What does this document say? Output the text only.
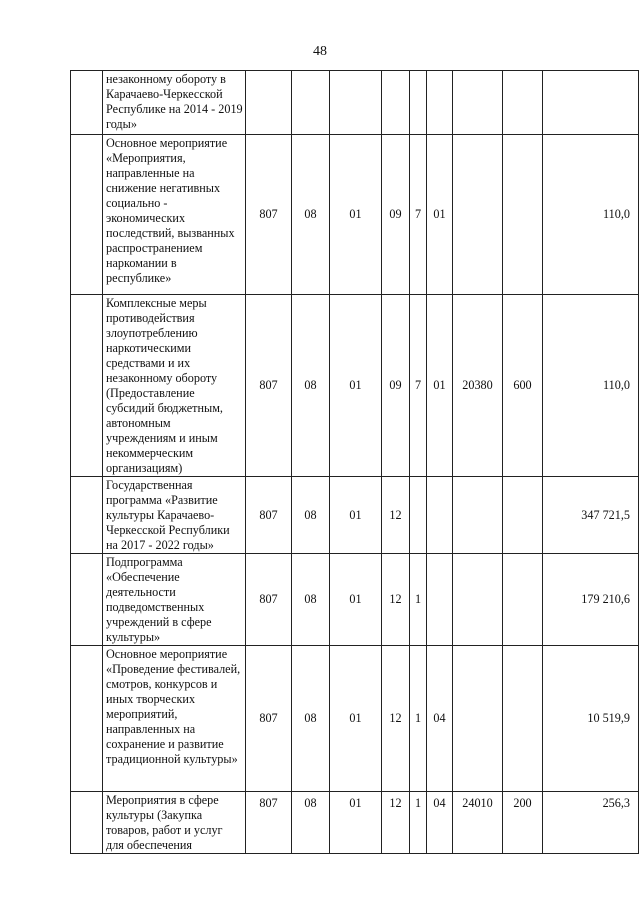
48

	незаконному обороту в Карачаево-Черкесской Республике на 2014 - 2019 годы»									

	Основное мероприятие «Мероприятия, направленные на снижение негативных социально - экономических последствий, вызванных распространением наркомании в республике»	807	08	01	09	7	01			110,0

	Комплексные меры противодействия злоупотреблению наркотическими средствами и их незаконному обороту (Предоставление субсидий бюджетным, автономным учреждениям и иным некоммерческим организациям)	807	08	01	09	7	01	20380	600	110,0

	Государственная программа «Развитие культуры Карачаево-Черкесской Республики на 2017 - 2022 годы»	807	08	01	12					347 721,5

	Подпрограмма «Обеспечение деятельности подведомственных учреждений в сфере культуры»	807	08	01	12	1				179 210,6

	Основное мероприятие «Проведение фестивалей, смотров, конкурсов и иных творческих мероприятий, направленных на сохранение и развитие традиционной культуры»	807	08	01	12	1	04			10 519,9

	Мероприятия в сфере культуры (Закупка товаров, работ и услуг для обеспечения	807	08	01	12	1	04	24010	200	256,3
